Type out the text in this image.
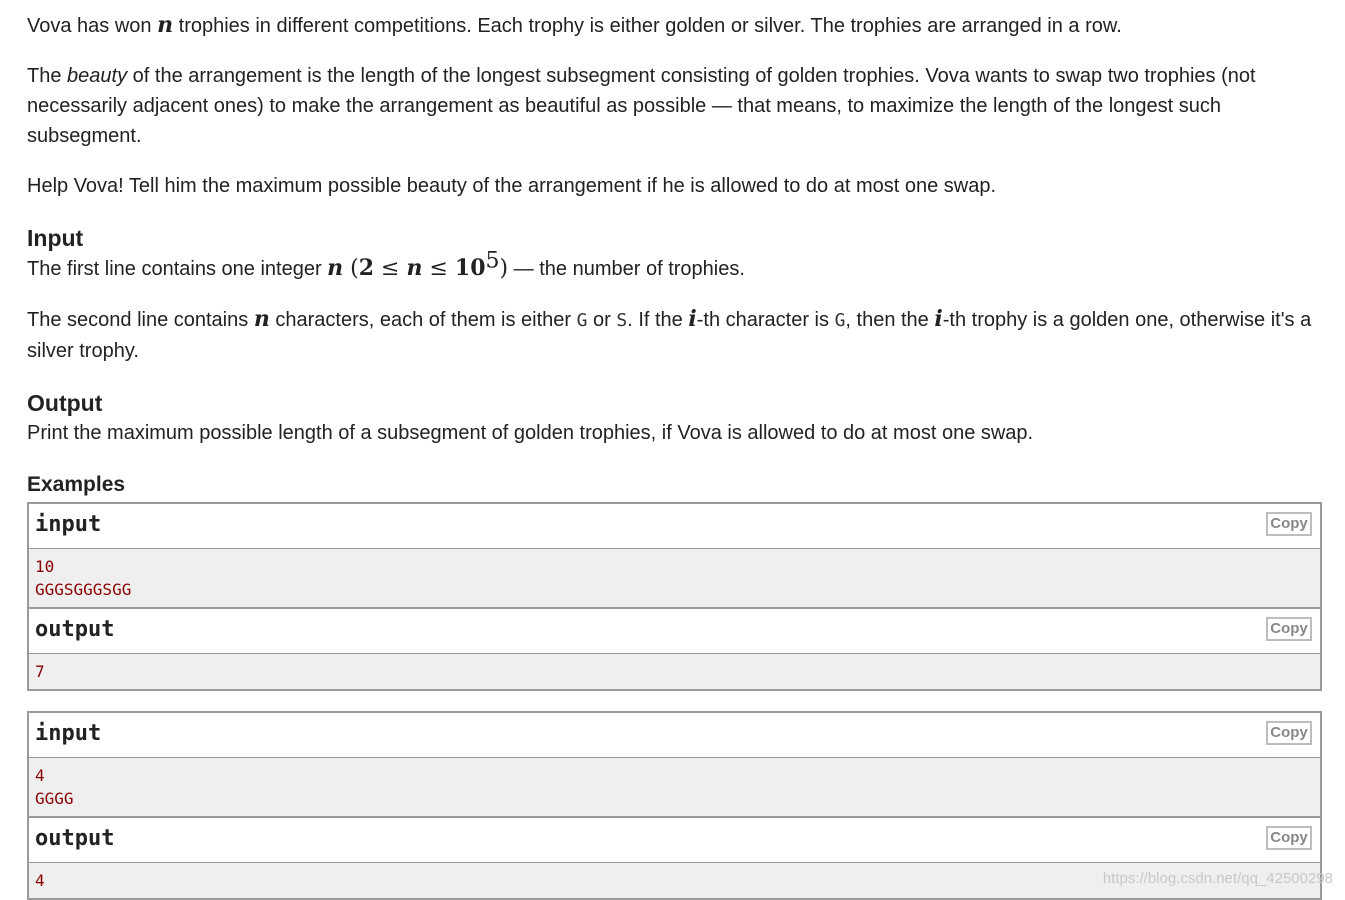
Vova has won n trophies in different competitions. Each trophy is either golden or silver. The trophies are arranged in a row.

The beauty of the arrangement is the length of the longest subsegment consisting of golden trophies. Vova wants to swap two trophies (not necessarily adjacent ones) to make the arrangement as beautiful as possible — that means, to maximize the length of the longest such subsegment.

Help Vova! Tell him the maximum possible beauty of the arrangement if he is allowed to do at most one swap.

Input

The first line contains one integer n $(2 \le n \le 10^5)$ — the number of trophies.

The second line contains n characters, each of them is either G or S. If the i-th character is G, then the i-th trophy is a golden one, otherwise it's a silver trophy.

Output

Print the maximum possible length of a subsegment of golden trophies, if Vova is allowed to do at most one swap.

Examples
input	Copy
10
GGGSGGGSGG
output	Copy
7
input	Copy
4
GGGG
output	Copy
4	https://blog.csdn.net/qq_42500298
